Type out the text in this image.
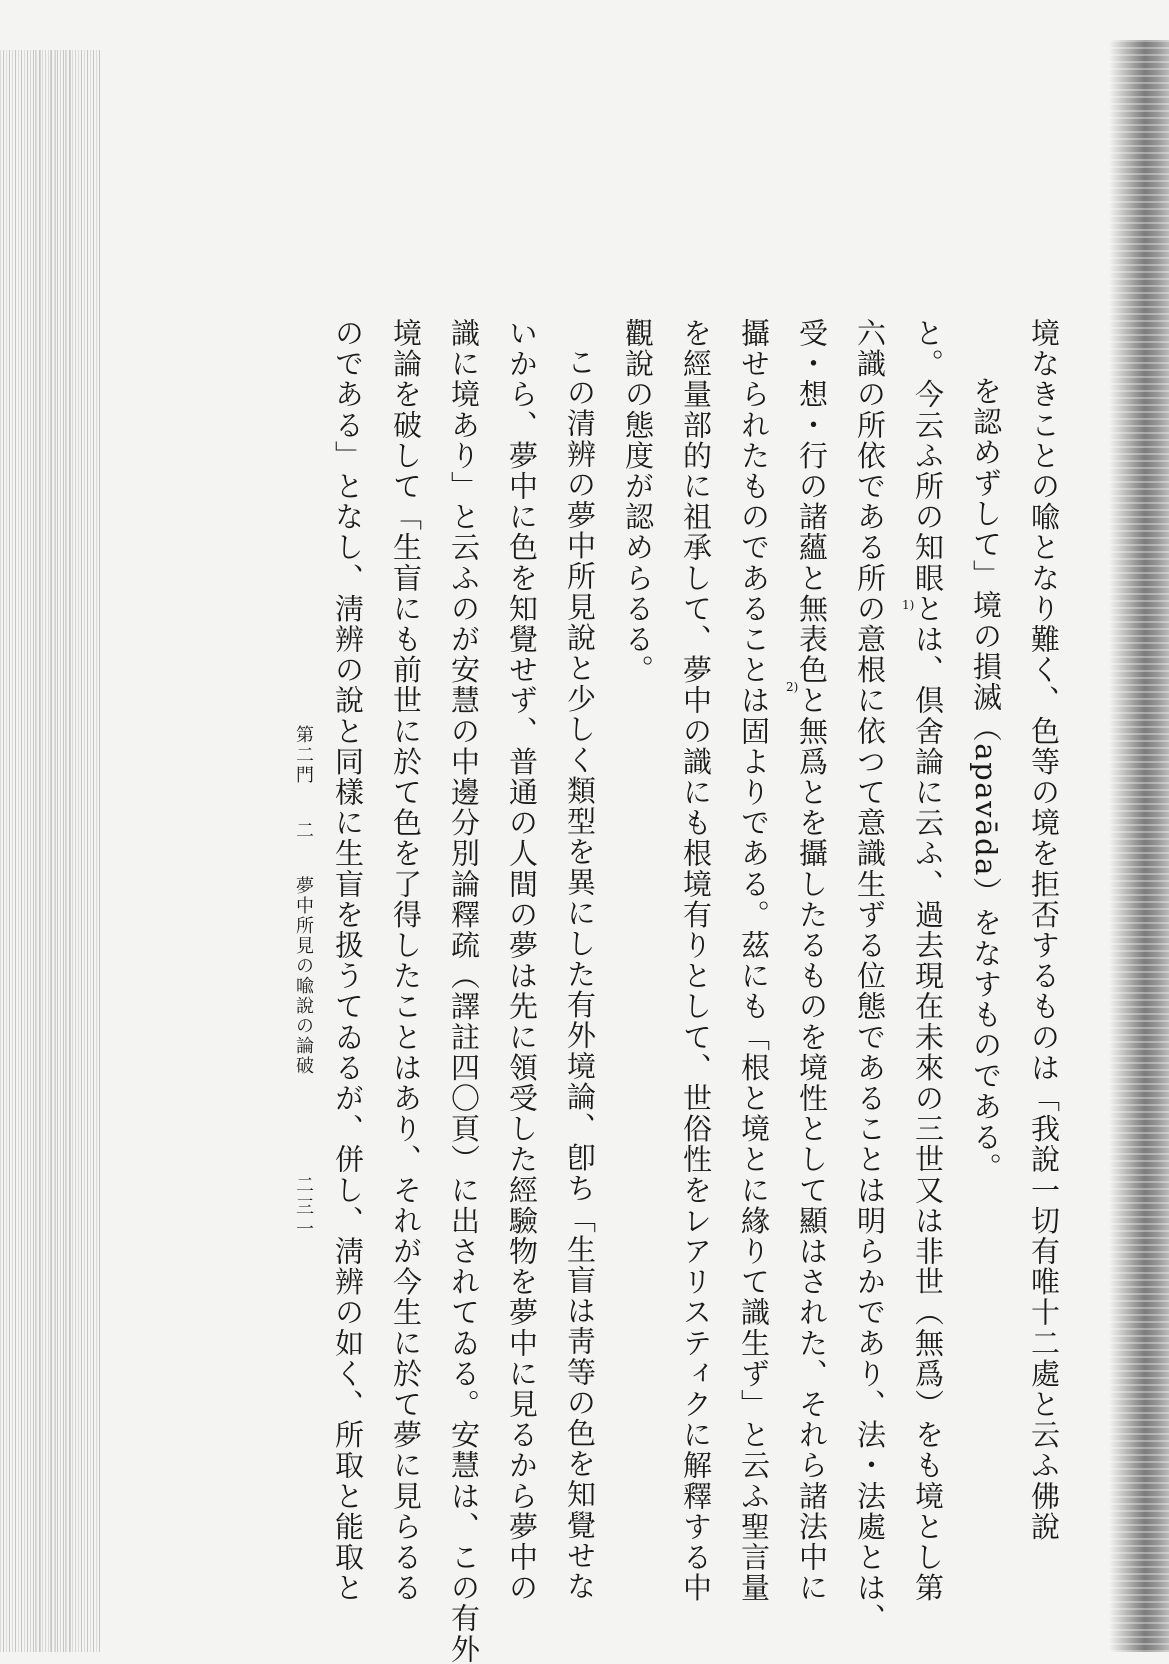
境なきことの喩となり難く、色等の境を拒否するものは「我說一切有唯十二處と云ふ佛說
を認めずして」境の損滅（apavāda）をなすものである。
と。今云ふ所の知眼とは、倶舍論に云ふ、過去現在未來の三世又は非世（無爲）をも境とし第
六識の所依である所の意根に依つて意識生ずる位態であることは明らかであり、法・法處とは、
受・想・行の諸蘊と無表色と無爲とを攝したるものを境性として顯はされた、それら諸法中に
攝せられたものであることは固よりである。茲にも「根と境とに緣りて識生ず」と云ふ聖言量
を經量部的に祖承して、夢中の識にも根境有りとして、世俗性をレアリスティクに解釋する中
觀說の態度が認めらるる。
この清辨の夢中所見說と少しく類型を異にした有外境論、卽ち「生盲は靑等の色を知覺せな
いから、夢中に色を知覺せず、普通の人間の夢は先に領受した經驗物を夢中に見るから夢中の
識に境あり」と云ふのが安慧の中邊分別論釋疏（譯註四〇頁）に出されてゐる。安慧は、この有外
境論を破して「生盲にも前世に於て色を了得したことはあり、それが今生に於て夢に見らるる
のである」となし、淸辨の說と同樣に生盲を扱うてゐるが、併し、淸辨の如く、所取と能取と	1)
2)
第二門  二  夢中所見の喩說の論破
二三一
